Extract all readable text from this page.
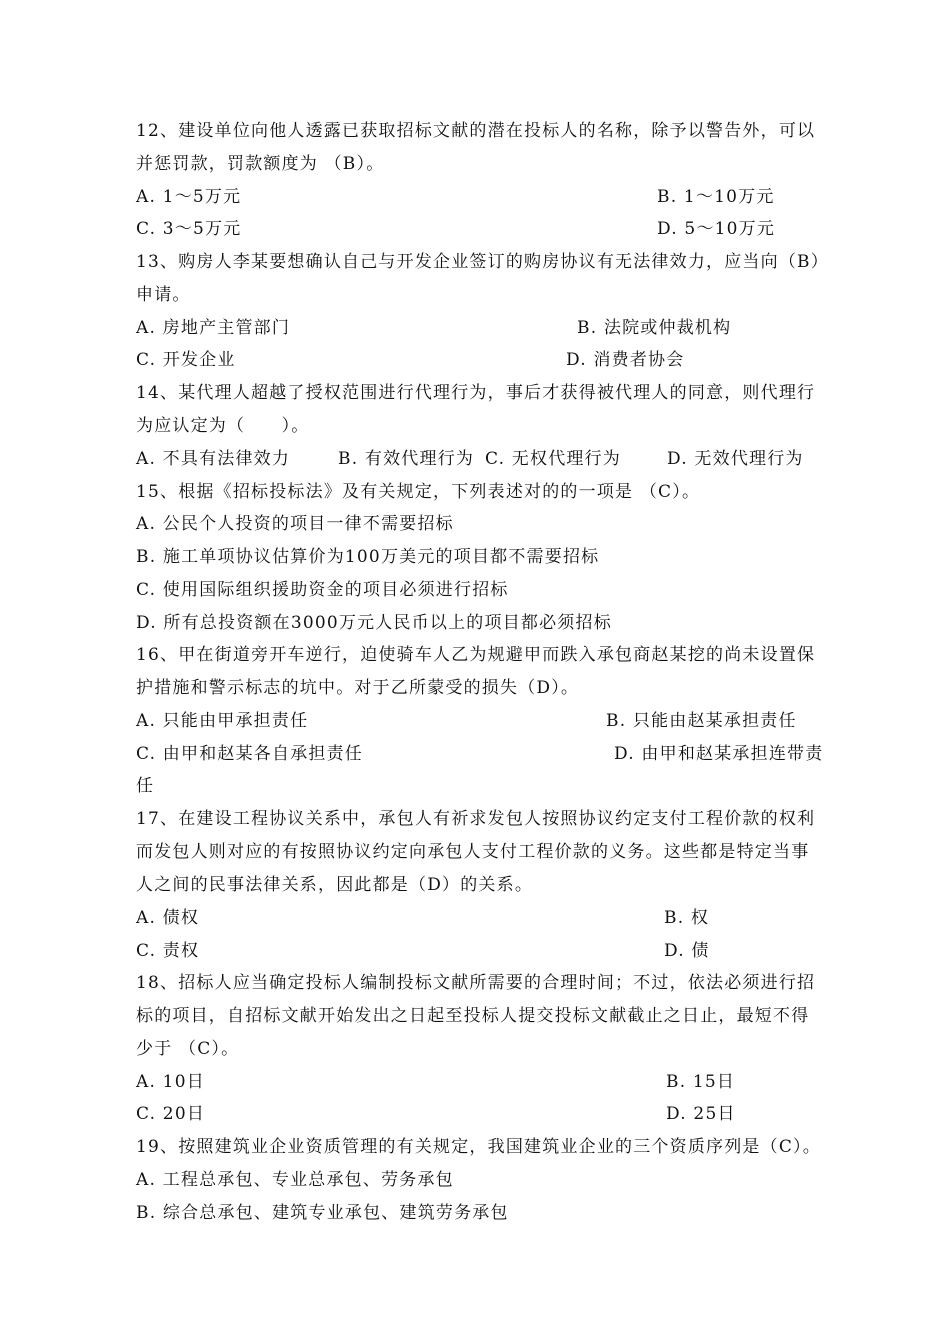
12、建设单位向他人透露已获取招标文献的潜在投标人的名称，除予以警告外，可以
并惩罚款，罚款额度为 （B）。
A. 1～5万元	B. 1～10万元
C. 3～5万元	D. 5～10万元
13、购房人李某要想确认自己与开发企业签订的购房协议有无法律效力，应当向（B）
申请。
A. 房地产主管部门	B. 法院或仲裁机构
C. 开发企业	D. 消费者协会
14、某代理人超越了授权范围进行代理行为，事后才获得被代理人的同意，则代理行
为应认定为（　　）。
A. 不具有法律效力	B. 有效代理行为 C. 无权代理行为	D. 无效代理行为
15、根据《招标投标法》及有关规定，下列表述对的的一项是 （C）。
A. 公民个人投资的项目一律不需要招标
B. 施工单项协议估算价为100万美元的项目都不需要招标
C. 使用国际组织援助资金的项目必须进行招标
D. 所有总投资额在3000万元人民币以上的项目都必须招标
16、甲在街道旁开车逆行，迫使骑车人乙为规避甲而跌入承包商赵某挖的尚未设置保
护措施和警示标志的坑中。对于乙所蒙受的损失（D）。
A. 只能由甲承担责任	B. 只能由赵某承担责任
C. 由甲和赵某各自承担责任	D. 由甲和赵某承担连带责
任
17、在建设工程协议关系中，承包人有祈求发包人按照协议约定支付工程价款的权利
而发包人则对应的有按照协议约定向承包人支付工程价款的义务。这些都是特定当事
人之间的民事法律关系，因此都是（D）的关系。
A. 债权	B. 权
C. 责权	D. 债
18、招标人应当确定投标人编制投标文献所需要的合理时间；不过，依法必须进行招
标的项目，自招标文献开始发出之日起至投标人提交投标文献截止之日止，最短不得
少于 （C）。
A. 10日	B. 15日
C. 20日	D. 25日
19、按照建筑业企业资质管理的有关规定，我国建筑业企业的三个资质序列是（C）。
A. 工程总承包、专业总承包、劳务承包
B. 综合总承包、建筑专业承包、建筑劳务承包
